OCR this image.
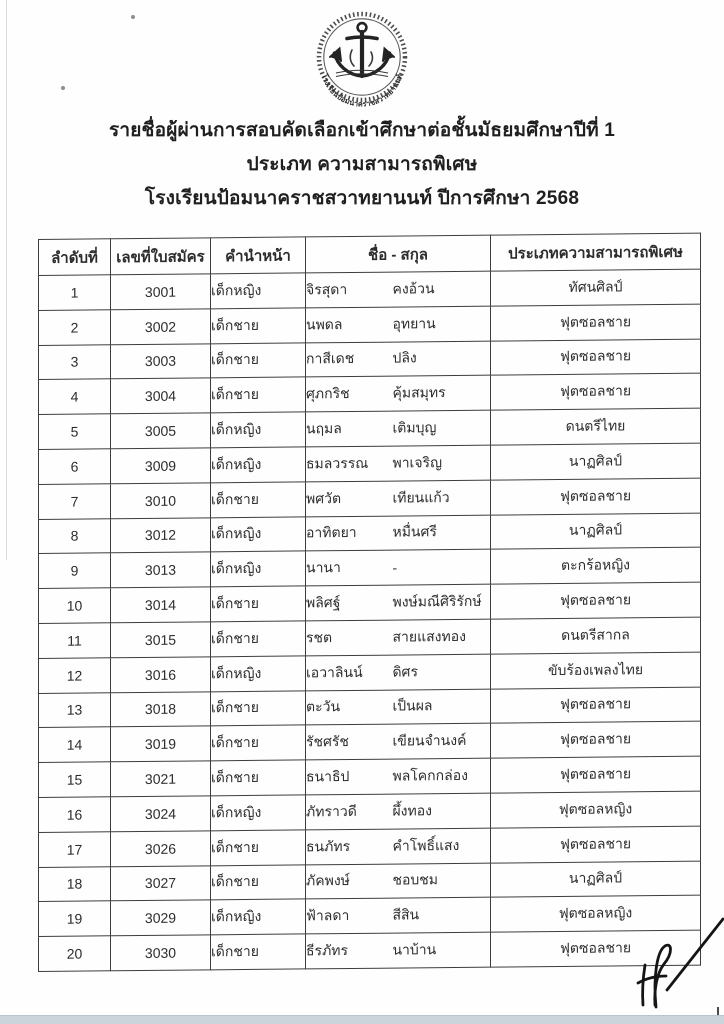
โรงเรียนป้อมนาคราชสวาทยานนท์
รายชื่อผู้ผ่านการสอบคัดเลือกเข้าศึกษาต่อชั้นมัธยมศึกษาปีที่ 1
ประเภท ความสามารถพิเศษ
โรงเรียนป้อมนาคราชสวาทยานนท์ ปีการศึกษา 2568
ลำดับที่	เลขที่ใบสมัคร	คำนำหน้า	ชื่อ - สกุล	ประเภทความสามารถพิเศษ
1	3001	เด็กหญิง	จิรสุดา คงอ้วน	ทัศนศิลป์
2	3002	เด็กชาย	นพดล อุทยาน	ฟุตซอลชาย
3	3003	เด็กชาย	กาสีเดช ปลิง	ฟุตซอลชาย
4	3004	เด็กชาย	ศุภกริช คุ้มสมุทร	ฟุตซอลชาย
5	3005	เด็กหญิง	นฤมล เติมบุญ	ดนตรีไทย
6	3009	เด็กหญิง	ธมลวรรณ พาเจริญ	นาฏศิลป์
7	3010	เด็กชาย	พศวัต เทียนแก้ว	ฟุตซอลชาย
8	3012	เด็กหญิง	อาทิตยา หมื่นศรี	นาฏศิลป์
9	3013	เด็กหญิง	นานา -	ตะกร้อหญิง
10	3014	เด็กชาย	พลิศฐ์ พงษ์มณีศิริรักษ์	ฟุตซอลชาย
11	3015	เด็กชาย	รชต สายแสงทอง	ดนตรีสากล
12	3016	เด็กหญิง	เอวาลินน์ ดิศร	ขับร้องเพลงไทย
13	3018	เด็กชาย	ตะวัน เป็นผล	ฟุตซอลชาย
14	3019	เด็กชาย	รัชศรัช เขียนจำนงค์	ฟุตซอลชาย
15	3021	เด็กชาย	ธนาธิป พลโคกกล่อง	ฟุตซอลชาย
16	3024	เด็กหญิง	ภัทราวดี ผึ้งทอง	ฟุตซอลหญิง
17	3026	เด็กชาย	ธนภัทร คำโพธิ์แสง	ฟุตซอลชาย
18	3027	เด็กชาย	ภัคพงษ์ ชอบชม	นาฏศิลป์
19	3029	เด็กหญิง	ฟ้าลดา สีสิน	ฟุตซอลหญิง
20	3030	เด็กชาย	ธีรภัทร นาบ้าน	ฟุตซอลชาย
